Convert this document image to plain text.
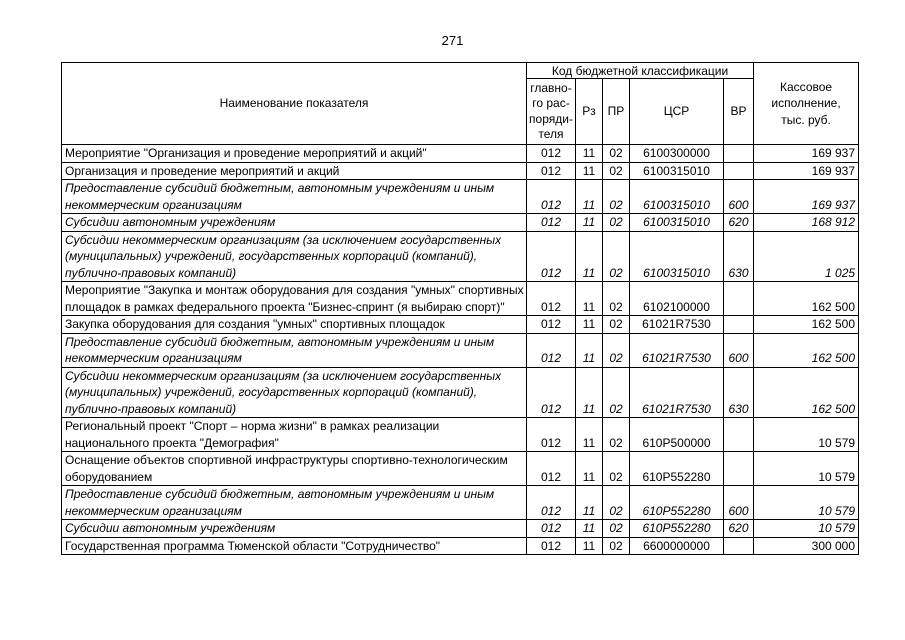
271
Наименование показателя	Код бюджетной классификации					Кассовое исполнение, тыс. руб.
	главно-го рас-поряди-теля	Рз	ПР	ЦСР	ВР	
Мероприятие "Организация и проведение мероприятий и акций"	012	11	02	6100300000		169 937
Организация и проведение мероприятий и акций	012	11	02	6100315010		169 937
Предоставление субсидий бюджетным, автономным учреждениям и иным некоммерческим организациям	012	11	02	6100315010	600	169 937
Субсидии автономным учреждениям	012	11	02	6100315010	620	168 912
Субсидии некоммерческим организациям (за исключением государственных (муниципальных) учреждений, государственных корпораций (компаний), публично-правовых компаний)	012	11	02	6100315010	630	1 025
Мероприятие "Закупка и монтаж оборудования для создания "умных" спортивных площадок в рамках федерального проекта "Бизнес-спринт (я выбираю спорт)"	012	11	02	6102100000		162 500
Закупка оборудования для создания "умных" спортивных площадок	012	11	02	61021R7530		162 500
Предоставление субсидий бюджетным, автономным учреждениям и иным некоммерческим организациям	012	11	02	61021R7530	600	162 500
Субсидии некоммерческим организациям (за исключением государственных (муниципальных) учреждений, государственных корпораций (компаний), публично-правовых компаний)	012	11	02	61021R7530	630	162 500
Региональный проект "Спорт – норма жизни" в рамках реализации национального проекта "Демография"	012	11	02	610P500000		10 579
Оснащение объектов спортивной инфраструктуры спортивно-технологическим оборудованием	012	11	02	610P552280		10 579
Предоставление субсидий бюджетным, автономным учреждениям и иным некоммерческим организациям	012	11	02	610P552280	600	10 579
Субсидии автономным учреждениям	012	11	02	610P552280	620	10 579
Государственная программа Тюменской области "Сотрудничество"	012	11	02	6600000000		300 000
